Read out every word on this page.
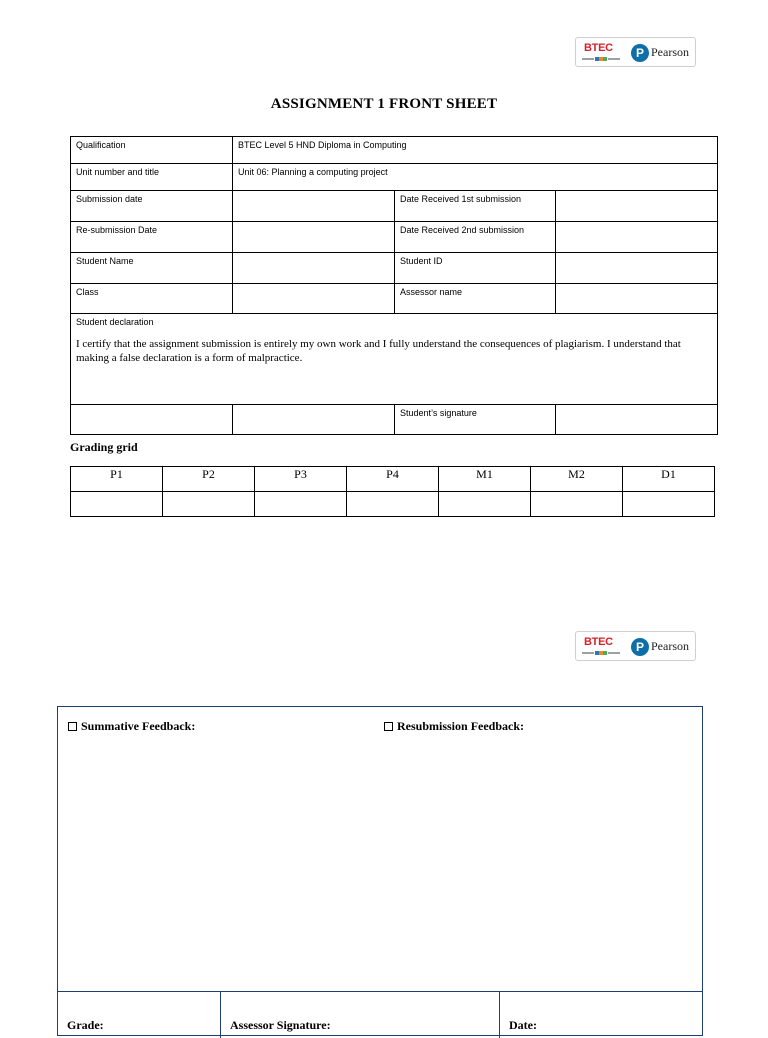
BTEC	P Pearson
ASSIGNMENT 1 FRONT SHEET
Qualification	BTEC Level 5 HND Diploma in Computing		
Unit number and title	Unit 06: Planning a computing project		
Submission date		Date Received 1st submission	
Re-submission Date		Date Received 2nd submission	
Student Name		Student ID	
Class		Assessor name	

Student declaration
I certify that the assignment submission is entirely my own work and I fully understand the consequences of plagiarism. I understand that making a false declaration is a form of malpractice.			

		Student’s signature	
Grading grid
P1	P2	P3	P4	M1	M2	D1

BTEC	P Pearson
Summative Feedback:	Resubmission Feedback:
Grade:	Assessor Signature:	Date:
